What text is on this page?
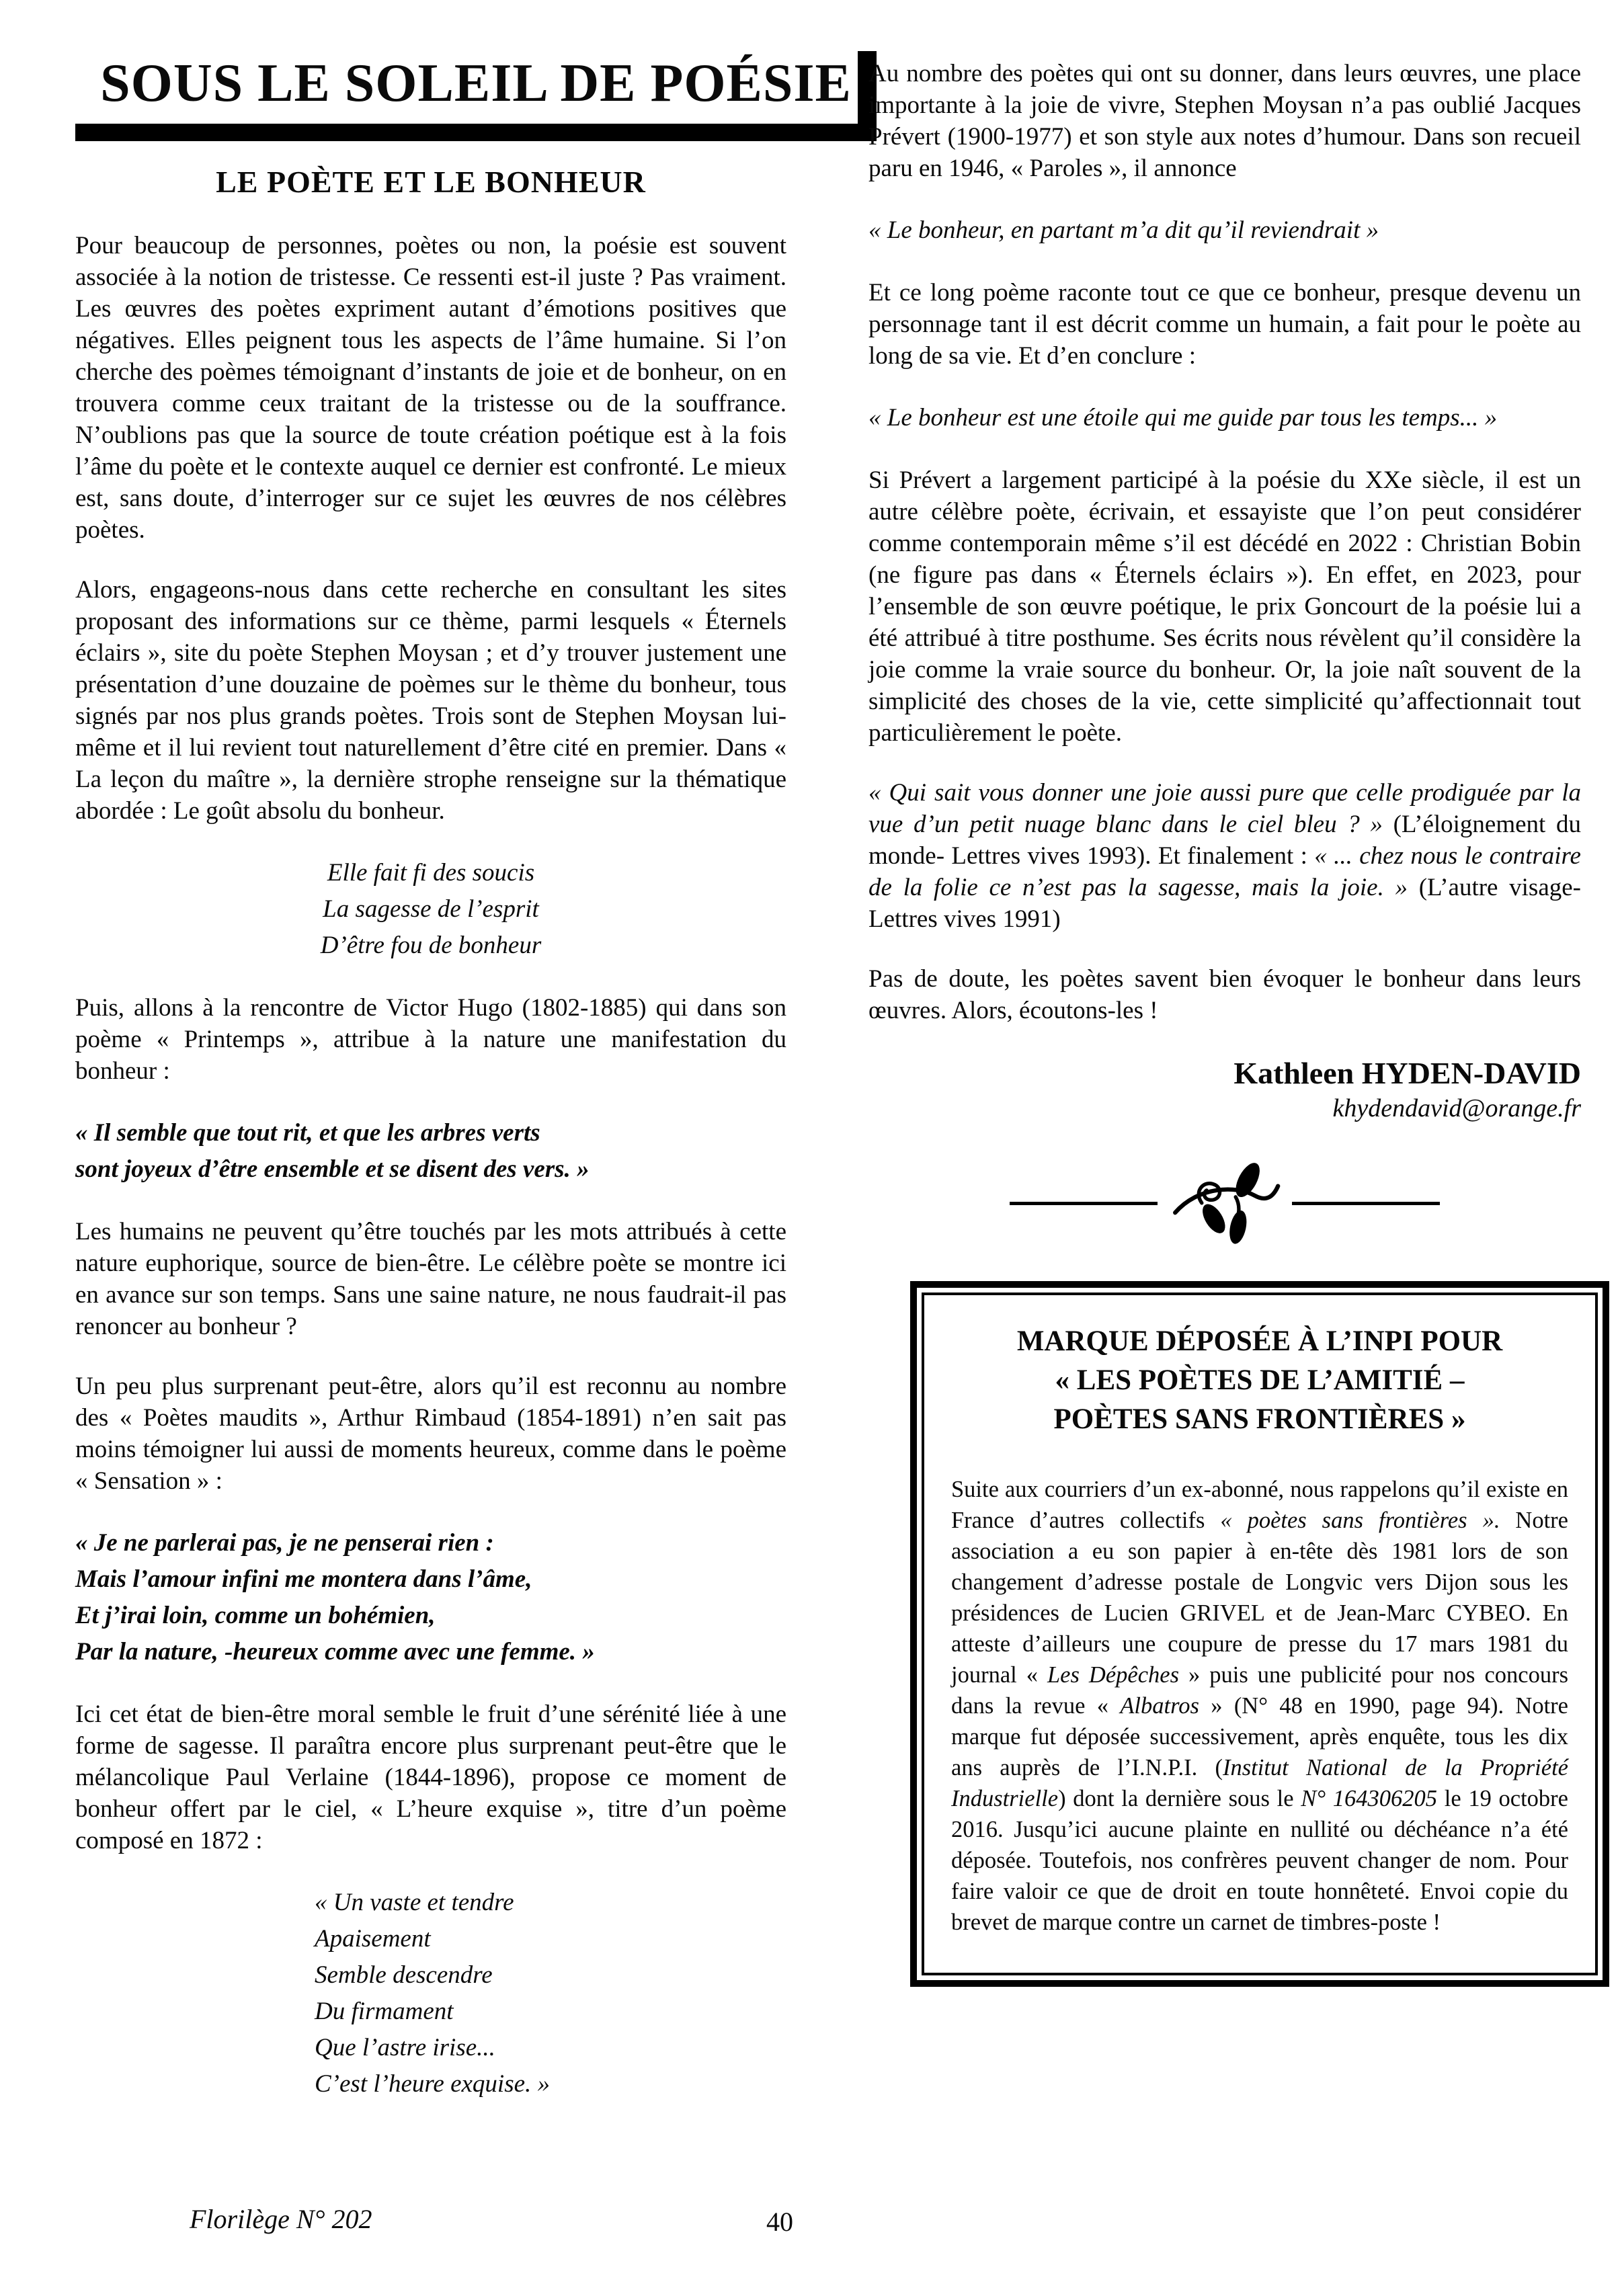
SOUS LE SOLEIL DE POÉSIE
LE POÈTE ET LE BONHEUR

Pour beaucoup de personnes, poètes ou non, la poésie est souvent associée à la notion de tristesse. Ce ressenti est-il juste ? Pas vraiment. Les œuvres des poètes expriment autant d’émotions positives que négatives. Elles peignent tous les aspects de l’âme humaine. Si l’on cherche des poèmes témoignant d’instants de joie et de bonheur, on en trouvera comme ceux traitant de la tristesse ou de la souffrance. N’oublions pas que la source de toute création poétique est à la fois l’âme du poète et le contexte auquel ce dernier est confronté. Le mieux est, sans doute, d’interroger sur ce sujet les œuvres de nos célèbres poètes.

Alors, engageons-nous dans cette recherche en consultant les sites proposant des informations sur ce thème, parmi lesquels « Éternels éclairs », site du poète Stephen Moysan ; et d’y trouver justement une présentation d’une douzaine de poèmes sur le thème du bonheur, tous signés par nos plus grands poètes. Trois sont de Stephen Moysan lui-même et il lui revient tout naturellement d’être cité en premier. Dans « La leçon du maître », la dernière strophe renseigne sur la thématique abordée : Le goût absolu du bonheur.

Elle fait fi des soucis
La sagesse de l’esprit
D’être fou de bonheur

Puis, allons à la rencontre de Victor Hugo (1802-1885) qui dans son poème « Printemps », attribue à la nature une manifestation du bonheur :

« Il semble que tout rit, et que les arbres verts
sont joyeux d’être ensemble et se disent des vers. »

Les humains ne peuvent qu’être touchés par les mots attribués à cette nature euphorique, source de bien-être. Le célèbre poète se montre ici en avance sur son temps. Sans une saine nature, ne nous faudrait-il pas renoncer au bonheur ?

Un peu plus surprenant peut-être, alors qu’il est reconnu au nombre des « Poètes maudits », Arthur Rimbaud (1854-1891) n’en sait pas moins témoigner lui aussi de moments heureux, comme dans le poème « Sensation » :

« Je ne parlerai pas, je ne penserai rien :
Mais l’amour infini me montera dans l’âme,
Et j’irai loin, comme un bohémien,
Par la nature, -heureux comme avec une femme. »

Ici cet état de bien-être moral semble le fruit d’une sérénité liée à une forme de sagesse. Il paraîtra encore plus surprenant peut-être que le mélancolique Paul Verlaine (1844-1896), propose ce moment de bonheur offert par le ciel, « L’heure exquise », titre d’un poème composé en 1872 :

« Un vaste et tendre
Apaisement
Semble descendre
Du firmament
Que l’astre irise...
C’est l’heure exquise. »

Au nombre des poètes qui ont su donner, dans leurs œuvres, une place importante à la joie de vivre, Stephen Moysan n’a pas oublié Jacques Prévert (1900-1977) et son style aux notes d’humour. Dans son recueil paru en 1946, « Paroles », il annonce

« Le bonheur, en partant m’a dit qu’il reviendrait »

Et ce long poème raconte tout ce que ce bonheur, presque devenu un personnage tant il est décrit comme un humain, a fait pour le poète au long de sa vie. Et d’en conclure :

« Le bonheur est une étoile qui me guide par tous les temps... »

Si Prévert a largement participé à la poésie du XXe siècle, il est un autre célèbre poète, écrivain, et essayiste que l’on peut considérer comme contemporain même s’il est décédé en 2022 : Christian Bobin (ne figure pas dans « Éternels éclairs »). En effet, en 2023, pour l’ensemble de son œuvre poétique, le prix Goncourt de la poésie lui a été attribué à titre posthume. Ses écrits nous révèlent qu’il considère la joie comme la vraie source du bonheur. Or, la joie naît souvent de la simplicité des choses de la vie, cette simplicité qu’affectionnait tout particulièrement le poète.

« Qui sait vous donner une joie aussi pure que celle prodiguée par la vue d’un petit nuage blanc dans le ciel bleu ? » (L’éloignement du monde- Lettres vives 1993). Et finalement : « ... chez nous le contraire de la folie ce n’est pas la sagesse, mais la joie. » (L’autre visage-Lettres vives 1991)

Pas de doute, les poètes savent bien évoquer le bonheur dans leurs œuvres. Alors, écoutons-les !

Kathleen HYDEN-DAVID
khydendavid@orange.fr
MARQUE DÉPOSÉE À L’INPI POUR
« LES POÈTES DE L’AMITIÉ –
POÈTES SANS FRONTIÈRES »
Suite aux courriers d’un ex-abonné, nous rappelons qu’il existe en France d’autres collectifs « poètes sans frontières ». Notre association a eu son papier à en-tête dès 1981 lors de son changement d’adresse postale de Longvic vers Dijon sous les présidences de Lucien GRIVEL et de Jean-Marc CYBEO. En atteste d’ailleurs une coupure de presse du 17 mars 1981 du journal « Les Dépêches » puis une publicité pour nos concours dans la revue « Albatros » (N° 48 en 1990, page 94). Notre marque fut déposée successivement, après enquête, tous les dix ans auprès de l’I.N.P.I. (Institut National de la Propriété Industrielle) dont la dernière sous le N° 164306205 le 19 octobre 2016. Jusqu’ici aucune plainte en nullité ou déchéance n’a été déposée. Toutefois, nos confrères peuvent changer de nom. Pour faire valoir ce que de droit en toute honnêteté. Envoi copie du brevet de marque contre un carnet de timbres-poste !
Florilège N° 202	40
